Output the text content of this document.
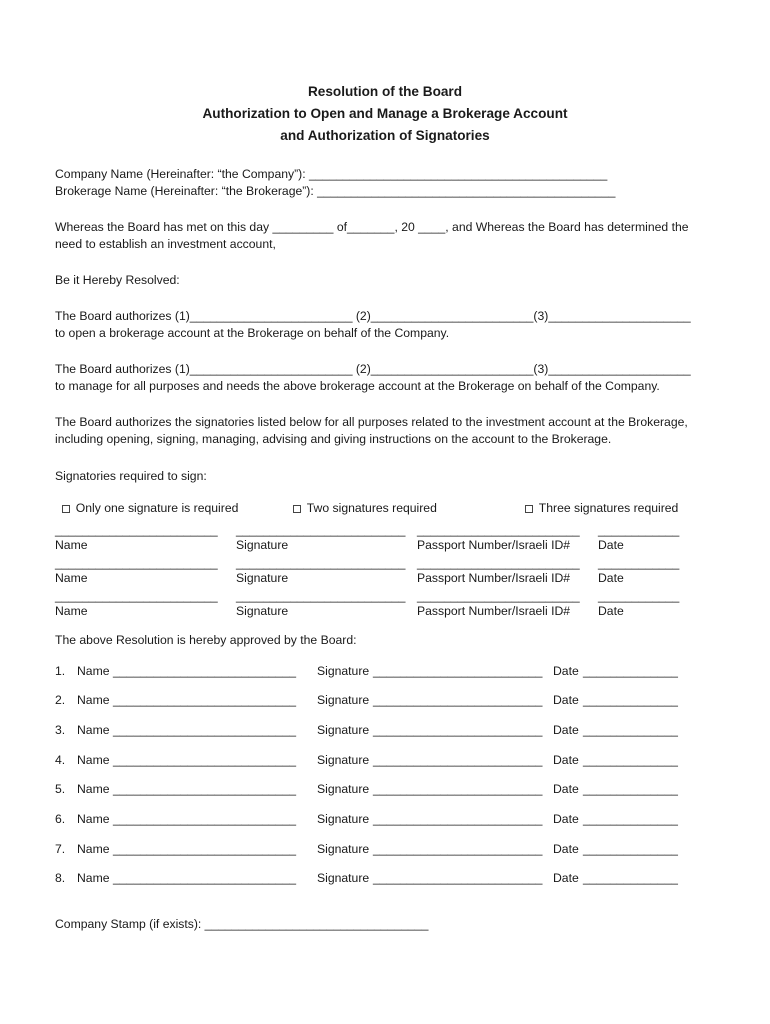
Resolution of the Board
Authorization to Open and Manage a Brokerage Account
and Authorization of Signatories
Company Name (Hereinafter: “the Company”): ____________________________________________
Brokerage Name (Hereinafter: “the Brokerage”): ____________________________________________
Whereas the Board has met on this day _________ of_______, 20 ____, and Whereas the Board has determined the
need to establish an investment account,
Be it Hereby Resolved:
The Board authorizes (1)________________________ (2)________________________(3)_____________________
to open a brokerage account at the Brokerage on behalf of the Company.
The Board authorizes (1)________________________ (2)________________________(3)_____________________
to manage for all purposes and needs the above brokerage account at the Brokerage on behalf of the Company.
The Board authorizes the signatories listed below for all purposes related to the investment account at the Brokerage,
including opening, signing, managing, advising and giving instructions on the account to the Brokerage.
Signatories required to sign:

Only one signature is required	Two signatures required	Three signatures required

________________________ _________________________ ________________________ ____________
Name	Signature	Passport Number/Israeli ID# Date
________________________ _________________________ ________________________ ____________
Name	Signature	Passport Number/Israeli ID# Date
________________________ _________________________ ________________________ ____________
Name	Signature	Passport Number/Israeli ID# Date
The above Resolution is hereby approved by the Board:
1. Name ___________________________ Signature _________________________ Date ______________
2. Name ___________________________ Signature _________________________ Date ______________
3. Name ___________________________ Signature _________________________ Date ______________
4. Name ___________________________ Signature _________________________ Date ______________
5. Name ___________________________ Signature _________________________ Date ______________
6. Name ___________________________ Signature _________________________ Date ______________
7. Name ___________________________ Signature _________________________ Date ______________
8. Name ___________________________ Signature _________________________ Date ______________
Company Stamp (if exists): _________________________________
